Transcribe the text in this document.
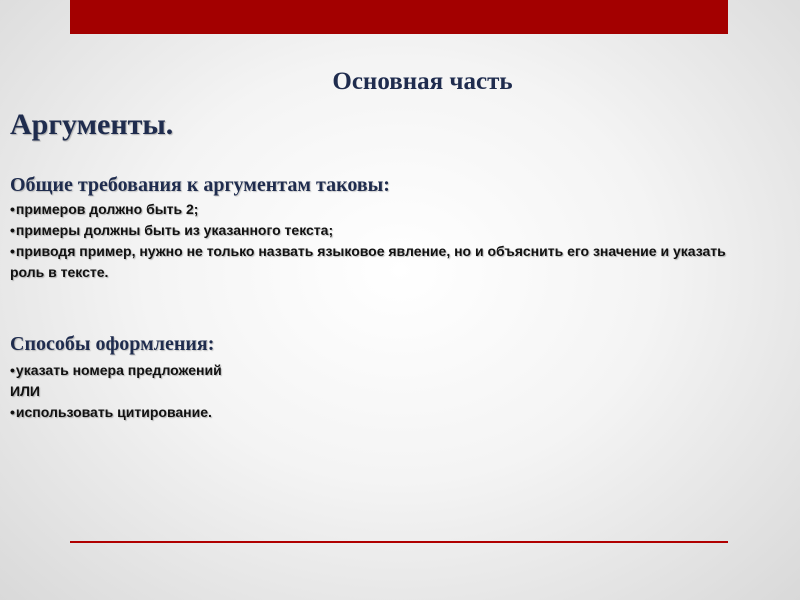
Основная часть
Аргументы.
Общие требования к аргументам таковы:
•примеров должно быть 2;
•примеры должны быть из указанного текста;
•приводя пример, нужно не только назвать языковое явление, но и объяснить его значение и указать роль в тексте.
Способы оформления:
•указать номера предложений
ИЛИ
•использовать цитирование.
